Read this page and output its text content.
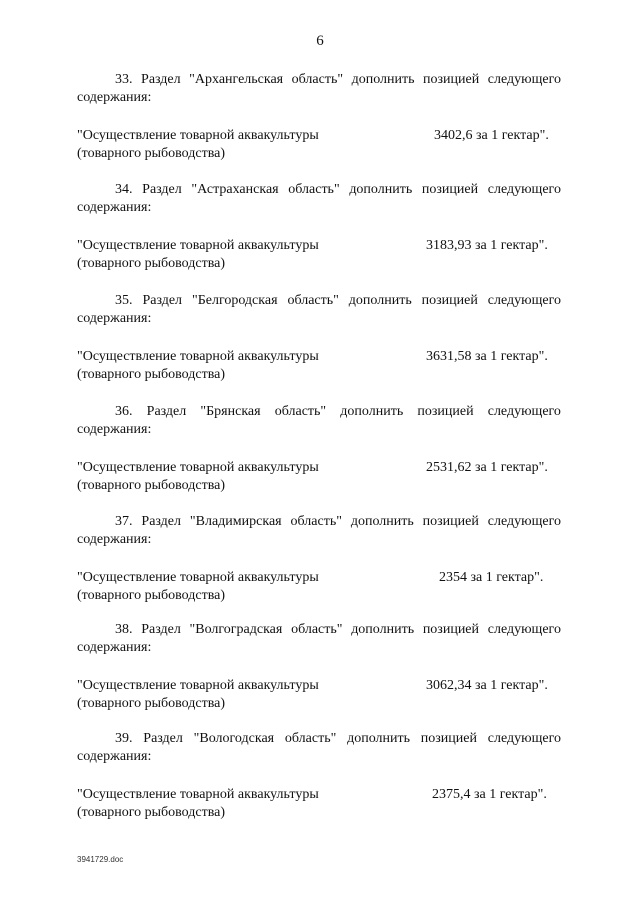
6
33. Раздел "Архангельская область" дополнить позицией следующего
содержания:
"Осуществление товарной аквакультуры
(товарного рыбоводства)
3402,6 за 1 гектар".
34. Раздел "Астраханская область" дополнить позицией следующего
содержания:
"Осуществление товарной аквакультуры
(товарного рыбоводства)
3183,93 за 1 гектар".
35. Раздел "Белгородская область" дополнить позицией следующего
содержания:
"Осуществление товарной аквакультуры
(товарного рыбоводства)
3631,58 за 1 гектар".
36. Раздел "Брянская область" дополнить позицией следующего
содержания:
"Осуществление товарной аквакультуры
(товарного рыбоводства)
2531,62 за 1 гектар".
37. Раздел "Владимирская область" дополнить позицией следующего
содержания:
"Осуществление товарной аквакультуры
(товарного рыбоводства)
2354 за 1 гектар".
38. Раздел "Волгоградская область" дополнить позицией следующего
содержания:
"Осуществление товарной аквакультуры
(товарного рыбоводства)
3062,34 за 1 гектар".
39. Раздел "Вологодская область" дополнить позицией следующего
содержания:
"Осуществление товарной аквакультуры
(товарного рыбоводства)
2375,4 за 1 гектар".
3941729.doc
